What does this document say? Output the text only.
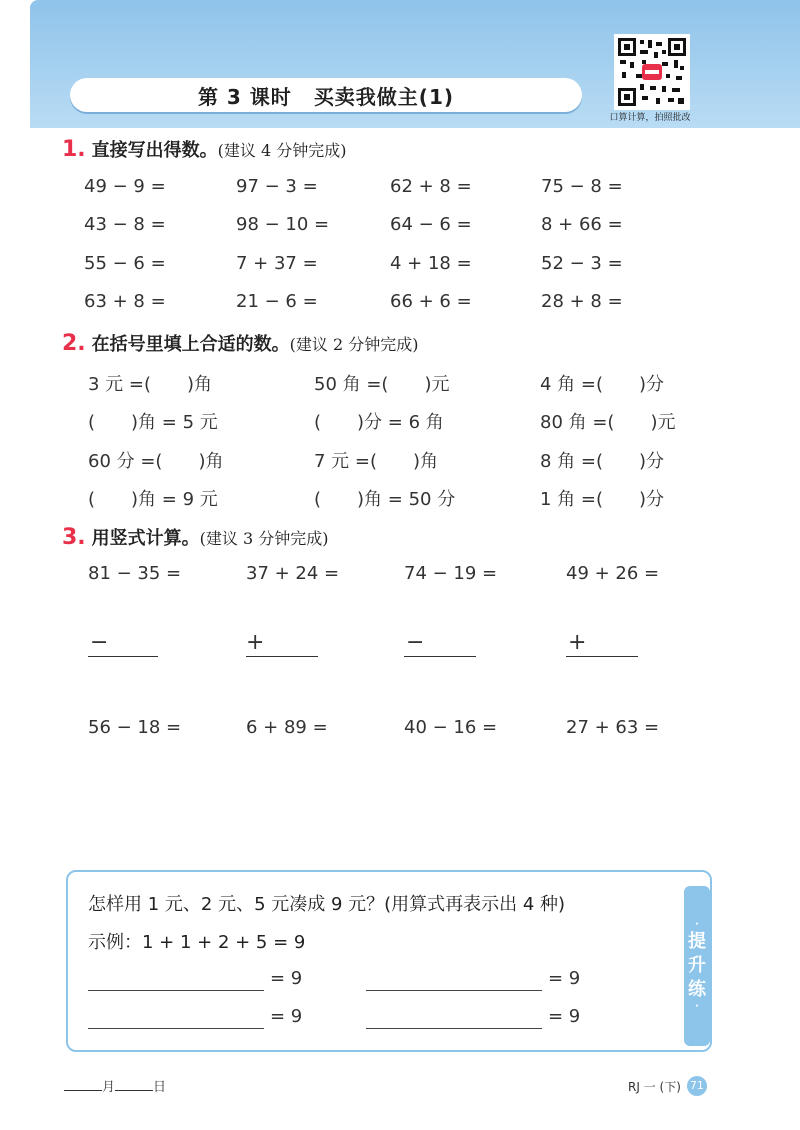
第 3 课时 买卖我做主(1)
口算计算，拍照批改
1. 直接写出得数。(建议 4 分钟完成)
49 − 9 =	97 − 3 =	62 + 8 =	75 − 8 =
43 − 8 =	98 − 10 =	64 − 6 =	8 + 66 =
55 − 6 =	7 + 37 =	4 + 18 =	52 − 3 =
63 + 8 =	21 − 6 =	66 + 6 =	28 + 8 =
2. 在括号里填上合适的数。(建议 2 分钟完成)
3 元 =(　　)角	50 角 =(　　)元	4 角 =(　　)分
(　　)角 = 5 元	(　　)分 = 6 角	80 角 =(　　)元
60 分 =(　　)角	7 元 =(　　)角	8 角 =(　　)分
(　　)角 = 9 元	(　　)角 = 50 分	1 角 =(　　)分
3. 用竖式计算。(建议 3 分钟完成)
81 − 35 =	37 + 24 =	74 − 19 =	49 + 26 =
−	+	−	+
56 − 18 =	6 + 89 =	40 − 16 =	27 + 63 =
·
提
升
练
·
怎样用 1 元、2 元、5 元凑成 9 元？(用算式再表示出 4 种)
示例：1 + 1 + 2 + 5 = 9
= 9	= 9
= 9	= 9
月	日	RJ 一 (下) 71
